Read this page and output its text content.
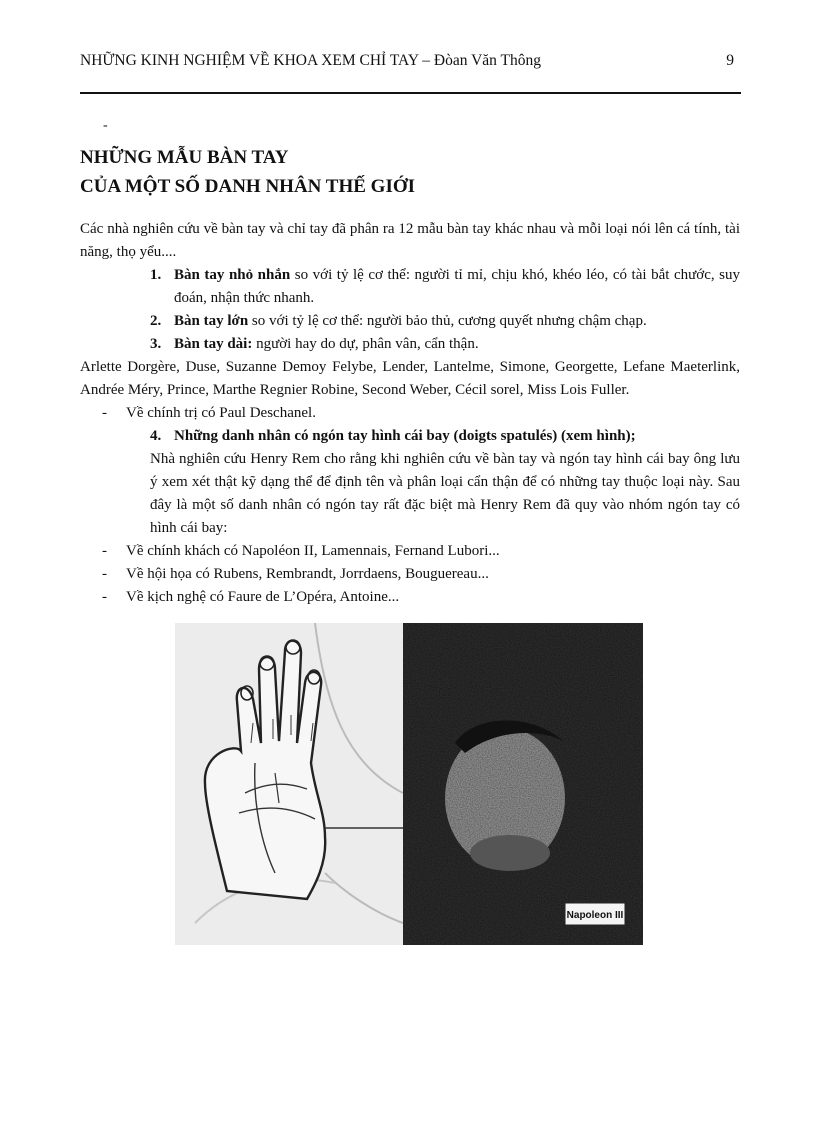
NHỮNG KINH NGHIỆM VỀ KHOA XEM CHỈ TAY – Đòan Văn Thông	9
-
NHỮNG MẪU BÀN TAY
CỦA MỘT SỐ DANH NHÂN THẾ GIỚI

Các nhà nghiên cứu về bàn tay và chỉ tay đã phân ra 12 mẫu bàn tay khác nhau và mỗi loại nói lên cá tính, tài năng, thọ yểu....

1. Bàn tay nhỏ nhắn so với tỷ lệ cơ thể: người tỉ mỉ, chịu khó, khéo léo, có tài bắt chước, suy đoán, nhận thức nhanh.

2. Bàn tay lớn so với tỷ lệ cơ thể: người bảo thủ, cương quyết nhưng chậm chạp.

3. Bàn tay dài: người hay do dự, phân vân, cẩn thận.

Arlette Dorgère, Duse, Suzanne Demoy Felybe, Lender, Lantelme, Simone, Georgette, Lefane Maeterlink, Andrée Méry, Prince, Marthe Regnier Robine, Second Weber, Cécil sorel, Miss Lois Fuller.

- Về chính trị có Paul Deschanel.

4. Những danh nhân có ngón tay hình cái bay (doigts spatulés) (xem hình);

Nhà nghiên cứu Henry Rem cho rằng khi nghiên cứu về bàn tay và ngón tay hình cái bay ông lưu ý xem xét thật kỹ dạng thể để định tên và phân loại cẩn thận để có những tay thuộc loại này. Sau đây là một số danh nhân có ngón tay rất đặc biệt mà Henry Rem đã quy vào nhóm ngón tay có hình cái bay:

- Về chính khách có Napoléon II, Lamennais, Fernand Lubori...

- Về hội họa có Rubens, Rembrandt, Jorrdaens, Bouguereau...

- Về kịch nghệ có Faure de L’Opéra, Antoine...

Napoleon III
